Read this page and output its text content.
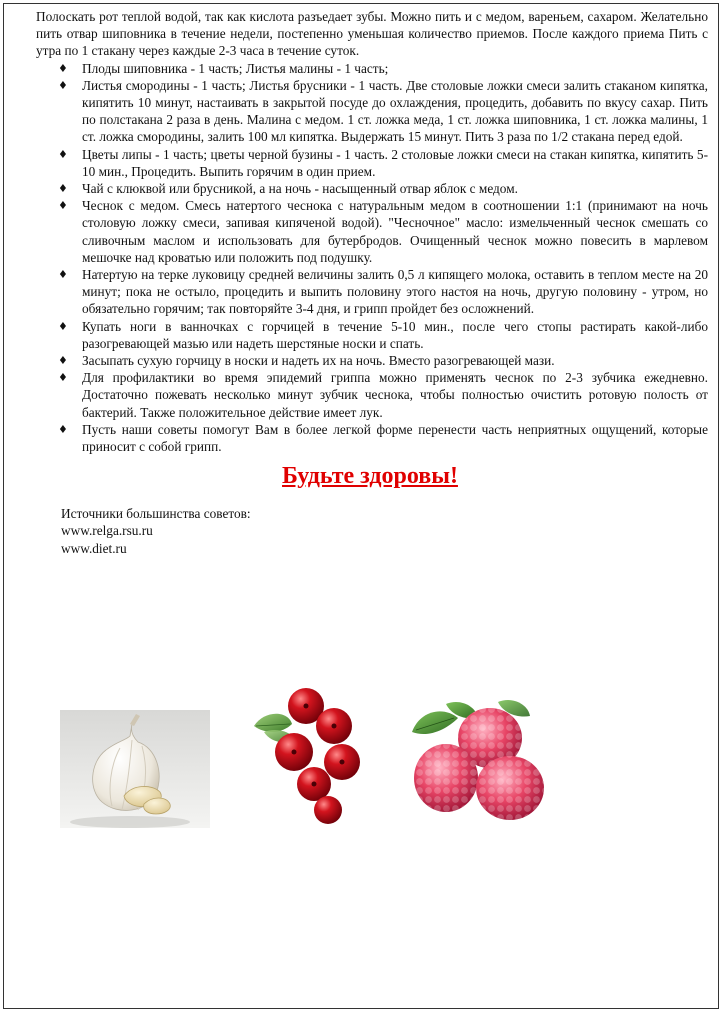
Полоскать рот теплой водой, так как кислота разъедает зубы. Можно пить и с медом, вареньем, сахаром. Желательно пить отвар шиповника в течение недели, постепенно уменьшая количество приемов. После каждого приема Пить с утра по 1 стакану через каждые 2-3 часа в течение суток.

♦ Плоды шиповника - 1 часть; Листья малины - 1 часть;
♦ Листья смородины - 1 часть; Листья брусники - 1 часть. Две столовые ложки смеси залить стаканом кипятка, кипятить 10 минут, настаивать в закрытой посуде до охлаждения, процедить, добавить по вкусу сахар. Пить по полстакана 2 раза в день. Малина с медом. 1 ст. ложка меда, 1 ст. ложка шиповника, 1 ст. ложка малины, 1 ст. ложка смородины, залить 100 мл кипятка. Выдержать 15 минут. Пить 3 раза по 1/2 стакана перед едой.
♦ Цветы липы - 1 часть; цветы черной бузины - 1 часть. 2 столовые ложки смеси на стакан кипятка, кипятить 5-10 мин., Процедить. Выпить горячим в один прием.
♦ Чай с клюквой или брусникой, а на ночь - насыщенный отвар яблок с медом.
♦ Чеснок с медом. Смесь натертого чеснока с натуральным медом в соотношении 1:1 (принимают на ночь столовую ложку смеси, запивая кипяченой водой). "Чесночное" масло: измельченный чеснок смешать со сливочным маслом и использовать для бутербродов. Очищенный чеснок можно повесить в марлевом мешочке над кроватью или положить под подушку.
♦ Натертую на терке луковицу средней величины залить 0,5 л кипящего молока, оставить в теплом месте на 20 минут; пока не остыло, процедить и выпить половину этого настоя на ночь, другую половину - утром, но обязательно горячим; так повторяйте 3-4 дня, и грипп пройдет без осложнений.
♦ Купать ноги в ванночках с горчицей в течение 5-10 мин., после чего стопы растирать какой-либо разогревающей мазью или надеть шерстяные носки и спать.
♦ Засыпать сухую горчицу в носки и надеть их на ночь. Вместо разогревающей мази.
♦ Для профилактики во время эпидемий гриппа можно применять чеснок по 2-3 зубчика ежедневно. Достаточно пожевать несколько минут зубчик чеснока, чтобы полностью очистить ротовую полость от бактерий. Также положительное действие имеет лук.
♦ Пусть наши советы помогут Вам в более легкой форме перенести часть неприятных ощущений, которые приносит с собой грипп.
Будьте здоровы!
Источники большинства советов:
www.relga.rsu.ru
www.diet.ru
